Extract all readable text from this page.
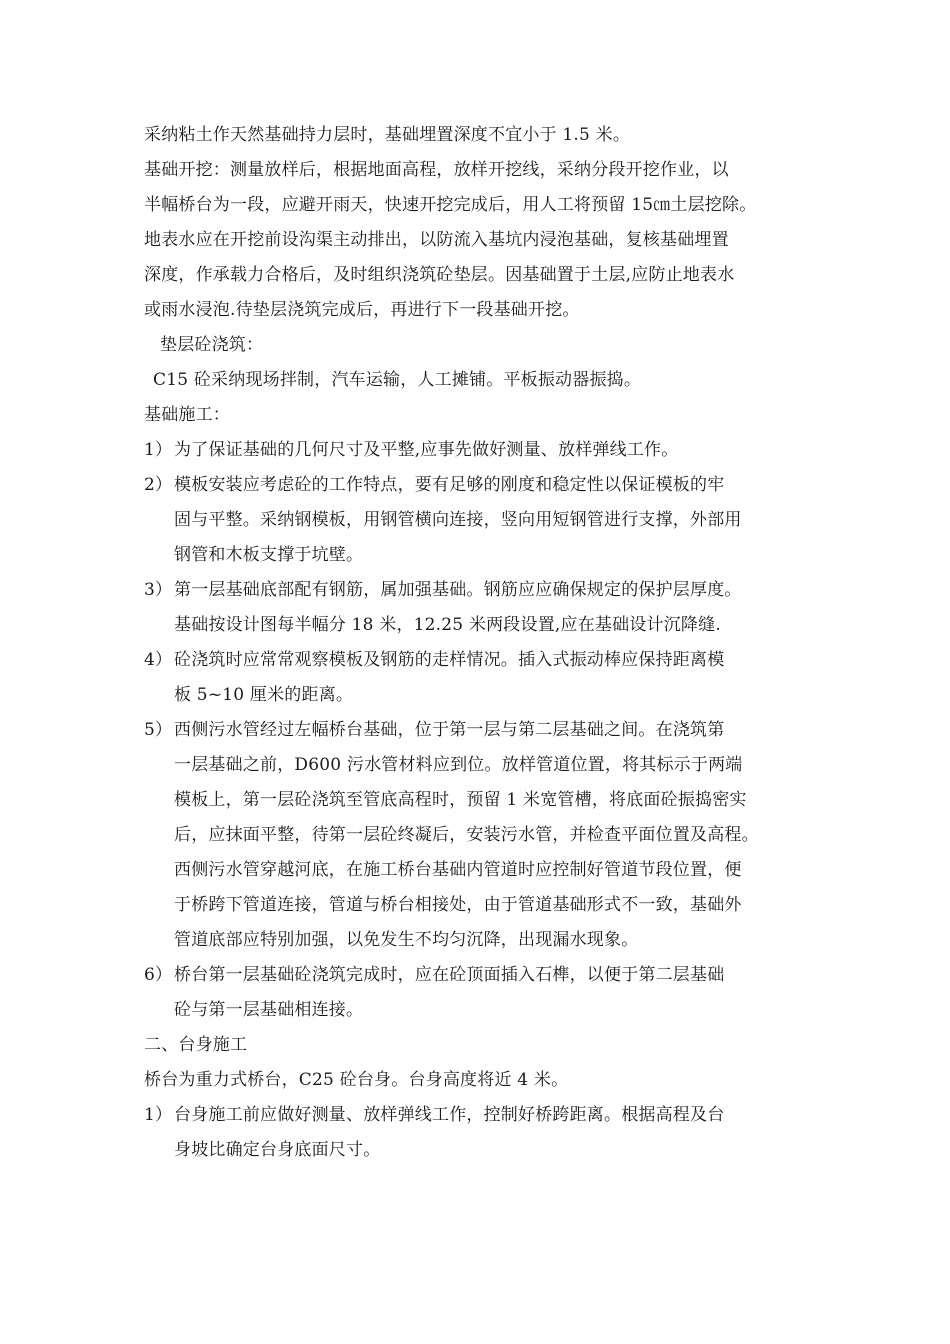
采纳粘土作天然基础持力层时，基础埋置深度不宜小于 1.5 米。
基础开挖：测量放样后，根据地面高程，放样开挖线，采纳分段开挖作业，以
半幅桥台为一段，应避开雨天，快速开挖完成后，用人工将预留 15㎝土层挖除。
地表水应在开挖前设沟渠主动排出，以防流入基坑内浸泡基础，复核基础埋置
深度，作承载力合格后，及时组织浇筑砼垫层。因基础置于土层,应防止地表水
或雨水浸泡.待垫层浇筑完成后，再进行下一段基础开挖。
垫层砼浇筑：
C15 砼采纳现场拌制，汽车运输，人工摊铺。平板振动器振捣。
基础施工：
1） 为了保证基础的几何尺寸及平整,应事先做好测量、放样弹线工作。
2） 模板安装应考虑砼的工作特点，要有足够的刚度和稳定性以保证模板的牢
固与平整。采纳钢模板，用钢管横向连接，竖向用短钢管进行支撑，外部用
钢管和木板支撑于坑壁。
3） 第一层基础底部配有钢筋，属加强基础。钢筋应应确保规定的保护层厚度。
基础按设计图每半幅分 18 米，12.25 米两段设置,应在基础设计沉降缝.
4） 砼浇筑时应常常观察模板及钢筋的走样情况。插入式振动棒应保持距离模
板 5~10 厘米的距离。
5） 西侧污水管经过左幅桥台基础，位于第一层与第二层基础之间。在浇筑第
一层基础之前，D600 污水管材料应到位。放样管道位置，将其标示于两端
模板上，第一层砼浇筑至管底高程时，预留 1 米宽管槽，将底面砼振捣密实
后，应抹面平整，待第一层砼终凝后，安装污水管，并检查平面位置及高程。
西侧污水管穿越河底，在施工桥台基础内管道时应控制好管道节段位置，便
于桥跨下管道连接，管道与桥台相接处，由于管道基础形式不一致，基础外
管道底部应特别加强，以免发生不均匀沉降，出现漏水现象。
6） 桥台第一层基础砼浇筑完成时，应在砼顶面插入石榫，以便于第二层基础
砼与第一层基础相连接。
二、台身施工
桥台为重力式桥台，C25 砼台身。台身高度将近 4 米。
1） 台身施工前应做好测量、放样弹线工作，控制好桥跨距离。根据高程及台
身坡比确定台身底面尺寸。
